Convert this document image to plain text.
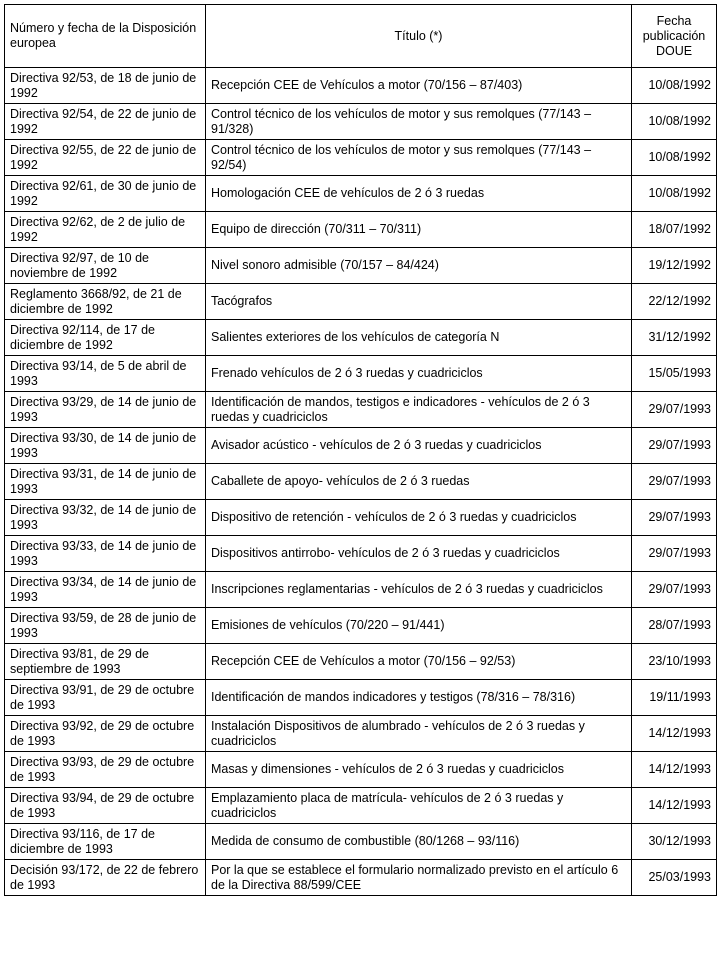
Número y fecha de la Disposición europea	Título (*)	Fecha publicación DOUE
Directiva 92/53, de 18 de junio de 1992	Recepción CEE de Vehículos a motor (70/156 – 87/403)	10/08/1992
Directiva 92/54, de 22 de junio de 1992	Control técnico de los vehículos de motor y sus remolques (77/143 – 91/328)	10/08/1992
Directiva 92/55, de 22 de junio de 1992	Control técnico de los vehículos de motor y sus remolques (77/143 – 92/54)	10/08/1992
Directiva 92/61, de 30 de junio de 1992	Homologación CEE de vehículos de 2 ó 3 ruedas	10/08/1992
Directiva 92/62, de 2 de julio de 1992	Equipo de dirección (70/311 – 70/311)	18/07/1992
Directiva 92/97, de 10 de noviembre de 1992	Nivel sonoro admisible (70/157 – 84/424)	19/12/1992
Reglamento 3668/92, de 21 de diciembre de 1992	Tacógrafos	22/12/1992
Directiva 92/114, de 17 de diciembre de 1992	Salientes exteriores de los vehículos de categoría N	31/12/1992
Directiva 93/14, de 5 de abril de 1993	Frenado vehículos de 2 ó 3 ruedas y cuadriciclos	15/05/1993
Directiva 93/29, de 14 de junio de 1993	Identificación de mandos, testigos e indicadores - vehículos de 2 ó 3 ruedas y cuadriciclos	29/07/1993
Directiva 93/30, de 14 de junio de 1993	Avisador acústico - vehículos de 2 ó 3 ruedas y cuadriciclos	29/07/1993
Directiva 93/31, de 14 de junio de 1993	Caballete de apoyo- vehículos de 2 ó 3 ruedas	29/07/1993
Directiva 93/32, de 14 de junio de 1993	Dispositivo de retención - vehículos de 2 ó 3 ruedas y cuadriciclos	29/07/1993
Directiva 93/33, de 14 de junio de 1993	Dispositivos antirrobo- vehículos de 2 ó 3 ruedas y cuadriciclos	29/07/1993
Directiva 93/34, de 14 de junio de 1993	Inscripciones reglamentarias - vehículos de 2 ó 3 ruedas y cuadriciclos	29/07/1993
Directiva 93/59, de 28 de junio de 1993	Emisiones de vehículos (70/220 – 91/441)	28/07/1993
Directiva 93/81, de 29 de septiembre de 1993	Recepción CEE de Vehículos a motor (70/156 – 92/53)	23/10/1993
Directiva 93/91, de 29 de octubre de 1993	Identificación de mandos indicadores y testigos (78/316 – 78/316)	19/11/1993
Directiva 93/92, de 29 de octubre de 1993	Instalación Dispositivos de alumbrado - vehículos de 2 ó 3 ruedas y cuadriciclos	14/12/1993
Directiva 93/93, de 29 de octubre de 1993	Masas y dimensiones - vehículos de 2 ó 3 ruedas y cuadriciclos	14/12/1993
Directiva 93/94, de 29 de octubre de 1993	Emplazamiento placa de matrícula- vehículos de 2 ó 3 ruedas y cuadriciclos	14/12/1993
Directiva 93/116, de 17 de diciembre de 1993	Medida de consumo de combustible (80/1268 – 93/116)	30/12/1993
Decisión 93/172, de 22 de febrero de 1993	Por la que se establece el formulario normalizado previsto en el artículo 6 de la Directiva 88/599/CEE	25/03/1993
